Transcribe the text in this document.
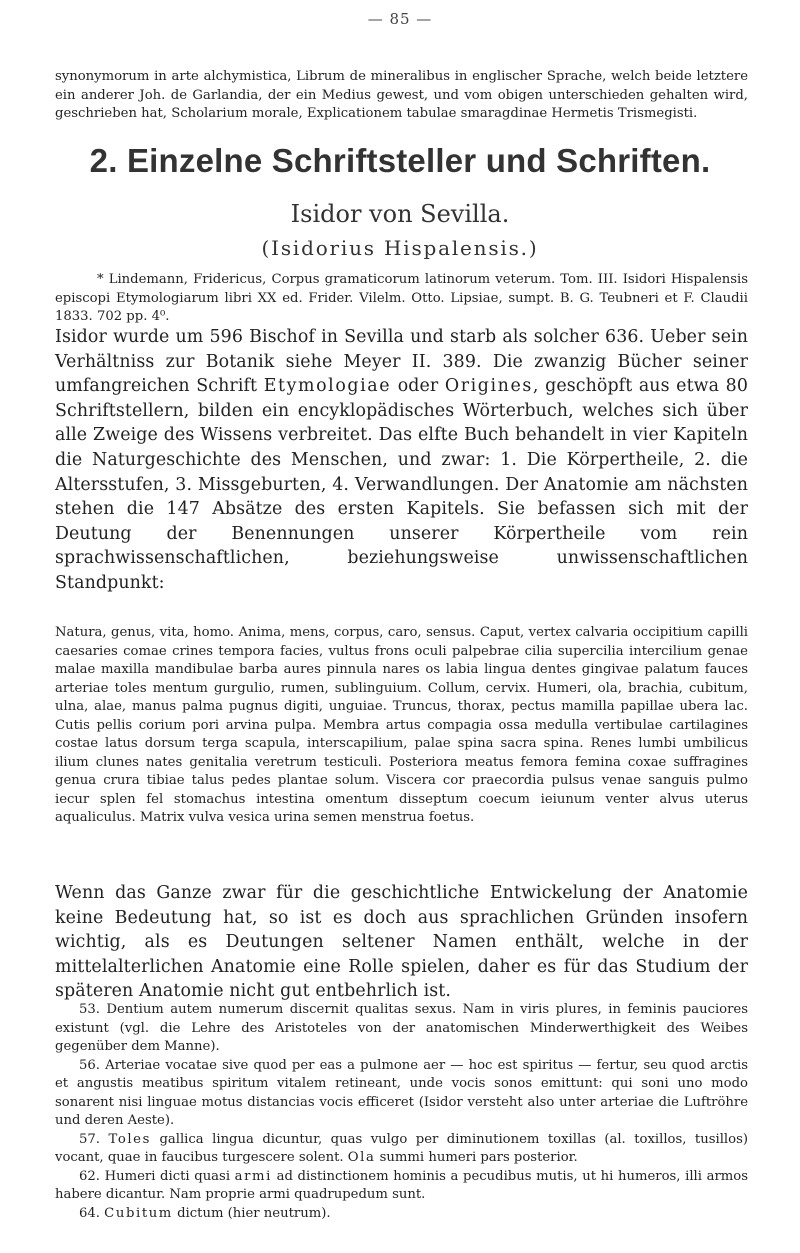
— 85 —

synonymorum in arte alchymistica, Librum de mineralibus in englischer Sprache, welch beide letztere ein anderer Joh. de Garlandia, der ein Medius gewest, und vom obigen unterschieden gehalten wird, geschrieben hat, Scholarium morale, Explicationem tabulae smaragdinae Hermetis Trismegisti.

2. Einzelne Schriftsteller und Schriften.
Isidor von Sevilla.
(Isidorius Hispalensis.)

* Lindemann, Fridericus, Corpus gramaticorum latinorum veterum. Tom. III. Isidori Hispalensis episcopi Etymologiarum libri XX ed. Frider. Vilelm. Otto. Lipsiae, sumpt. B. G. Teubneri et F. Claudii 1833. 702 pp. 4⁰.

Isidor wurde um 596 Bischof in Sevilla und starb als solcher 636. Ueber sein Verhältniss zur Botanik siehe Meyer II. 389. Die zwanzig Bücher seiner umfangreichen Schrift Etymologiae oder Origines, geschöpft aus etwa 80 Schriftstellern, bilden ein encyklopädisches Wörterbuch, welches sich über alle Zweige des Wissens verbreitet. Das elfte Buch behandelt in vier Kapiteln die Naturgeschichte des Menschen, und zwar: 1. Die Körpertheile, 2. die Altersstufen, 3. Missgeburten, 4. Verwandlungen. Der Anatomie am nächsten stehen die 147 Absätze des ersten Kapitels. Sie befassen sich mit der Deutung der Benennungen unserer Körpertheile vom rein sprachwissenschaftlichen, beziehungsweise unwissenschaftlichen Standpunkt:

Natura, genus, vita, homo. Anima, mens, corpus, caro, sensus. Caput, vertex calvaria occipitium capilli caesaries comae crines tempora facies, vultus frons oculi palpebrae cilia supercilia intercilium genae malae maxilla mandibulae barba aures pinnula nares os labia lingua dentes gingivae palatum fauces arteriae toles mentum gurgulio, rumen, sublinguium. Collum, cervix. Humeri, ola, brachia, cubitum, ulna, alae, manus palma pugnus digiti, unguiae. Truncus, thorax, pectus mamilla papillae ubera lac. Cutis pellis corium pori arvina pulpa. Membra artus compagia ossa medulla vertibulae cartilagines costae latus dorsum terga scapula, interscapilium, palae spina sacra spina. Renes lumbi umbilicus ilium clunes nates genitalia veretrum testiculi. Posteriora meatus femora femina coxae suffragines genua crura tibiae talus pedes plantae solum. Viscera cor praecordia pulsus venae sanguis pulmo iecur splen fel stomachus intestina omentum disseptum coecum ieiunum venter alvus uterus aqualiculus. Matrix vulva vesica urina semen menstrua foetus.

Wenn das Ganze zwar für die geschichtliche Entwickelung der Anatomie keine Bedeutung hat, so ist es doch aus sprachlichen Gründen insofern wichtig, als es Deutungen seltener Namen enthält, welche in der mittelalterlichen Anatomie eine Rolle spielen, daher es für das Studium der späteren Anatomie nicht gut entbehrlich ist.

53. Dentium autem numerum discernit qualitas sexus. Nam in viris plures, in feminis pauciores existunt (vgl. die Lehre des Aristoteles von der anatomischen Minderwerthigkeit des Weibes gegenüber dem Manne).

56. Arteriae vocatae sive quod per eas a pulmone aer — hoc est spiritus — fertur, seu quod arctis et angustis meatibus spiritum vitalem retineant, unde vocis sonos emittunt: qui soni uno modo sonarent nisi linguae motus distancias vocis efficeret (Isidor versteht also unter arteriae die Luftröhre und deren Aeste).

57. Toles gallica lingua dicuntur, quas vulgo per diminutionem toxillas (al. toxillos, tusillos) vocant, quae in faucibus turgescere solent. Ola summi humeri pars posterior.

62. Humeri dicti quasi armi ad distinctionem hominis a pecudibus mutis, ut hi humeros, illi armos habere dicantur. Nam proprie armi quadrupedum sunt.

64. Cubitum dictum (hier neutrum).
